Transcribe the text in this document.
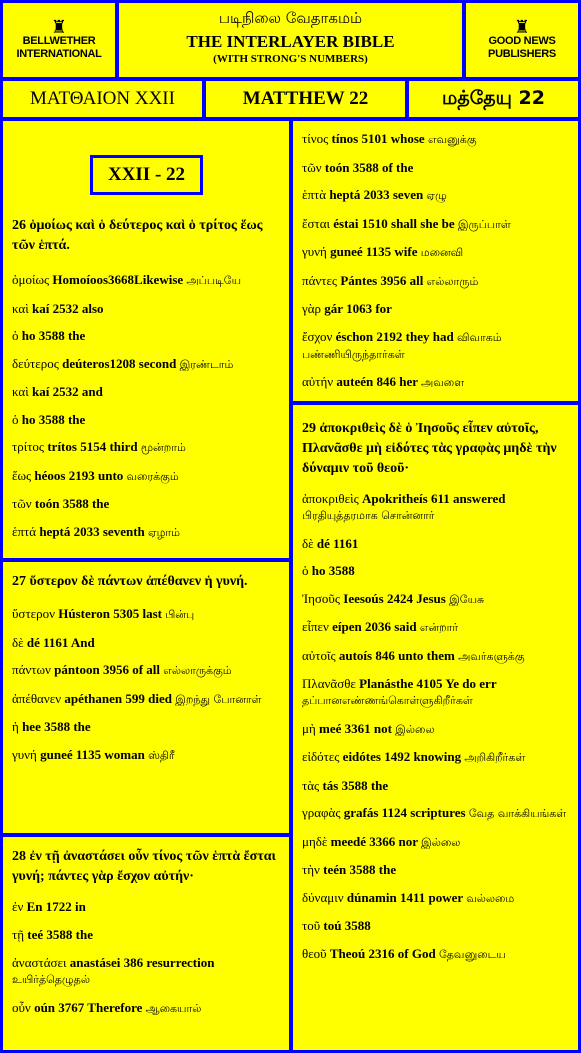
♜
BELLWETHER
INTERNATIONAL
படிநிலை வேதாகமம்
THE INTERLAYER BIBLE
(WITH STRONG'S NUMBERS)
♜
GOOD NEWS
PUBLISHERS
ΜΑΤΘΑΙΟΝ XXII	MATTHEW 22	மத்தேயு 22
XXII - 22

26 ὁμοίως καὶ ὁ δεύτερος καὶ ὁ τρίτος ἕως τῶν ἑπτά.

ὁμοίως Homoíoos3668Likewise அப்படியே
καὶ kaí 2532 also
ὁ ho 3588 the
δεύτερος deúteros1208 second இரண்டாம்
καὶ kaí 2532 and
ὁ ho 3588 the
τρίτος trítos 5154 third மூன்றாம்
ἕως héoos 2193 unto வரைக்கும்
τῶν toón 3588 the
ἑπτά heptá 2033 seventh ஏழாம்

27 ὕστερον δὲ πάντων ἀπέθανεν ἡ γυνή.

ὕστερον Hústeron 5305 last பின்பு
δὲ dé 1161 And
πάντων pántoon 3956 of all எல்லாருக்கும்
ἀπέθανεν apéthanen 599 died இறந்து போனாள்
ἡ hee 3588 the
γυνή guneé 1135 woman ஸ்திரீ

28 ἐν τῇ ἀναστάσει οὖν τίνος τῶν ἑπτὰ ἔσται γυνή; πάντες γὰρ ἔσχον αὐτήν·

ἐν En 1722 in
τῇ teé 3588 the
ἀναστάσει anastásei 386 resurrection உயிர்த்தெழுதல்
οὖν oún 3767 Therefore ஆகையால்
τίνος tínos 5101 whose எவனுக்கு
τῶν toón 3588 of the
ἑπτὰ heptá 2033 seven ஏழு
ἔσται éstai 1510 shall she be இருப்பாள்
γυνή guneé 1135 wife மனைவி
πάντες Pántes 3956 all எல்லாரும்
γὰρ gár 1063 for
ἔσχον éschon 2192 they had விவாகம் பண்ணியிருந்தார்கள்
αὐτήν auteén 846 her அவளை

29 ἀποκριθεὶς δὲ ὁ Ἰησοῦς εἶπεν αὐτοῖς, Πλανᾶσθε μὴ εἰδότες τὰς γραφὰς μηδὲ τὴν δύναμιν τοῦ θεοῦ·

ἀποκριθεὶς Apokritheís 611 answered பிரதியுத்தரமாக சொன்னார்
δὲ dé 1161
ὁ ho 3588
Ἰησοῦς Ieesoús 2424 Jesus இயேசு
εἶπεν eípen 2036 said என்றார்
αὐτοῖς autoís 846 unto them அவர்களுக்கு
Πλανᾶσθε Planásthe 4105 Ye do err தப்பானஎண்ணங்கொள்ளுகிறீர்கள்
μὴ meé 3361 not இல்லை
εἰδότες eidótes 1492 knowing அறிகிறீர்கள்
τὰς tás 3588 the
γραφὰς grafás 1124 scriptures வேத வாக்கியங்கள்
μηδὲ meedé 3366 nor இல்லை
τὴν teén 3588 the
δύναμιν dúnamin 1411 power வல்லமை
τοῦ toú 3588
θεοῦ Theoú 2316 of God தேவனுடைய
